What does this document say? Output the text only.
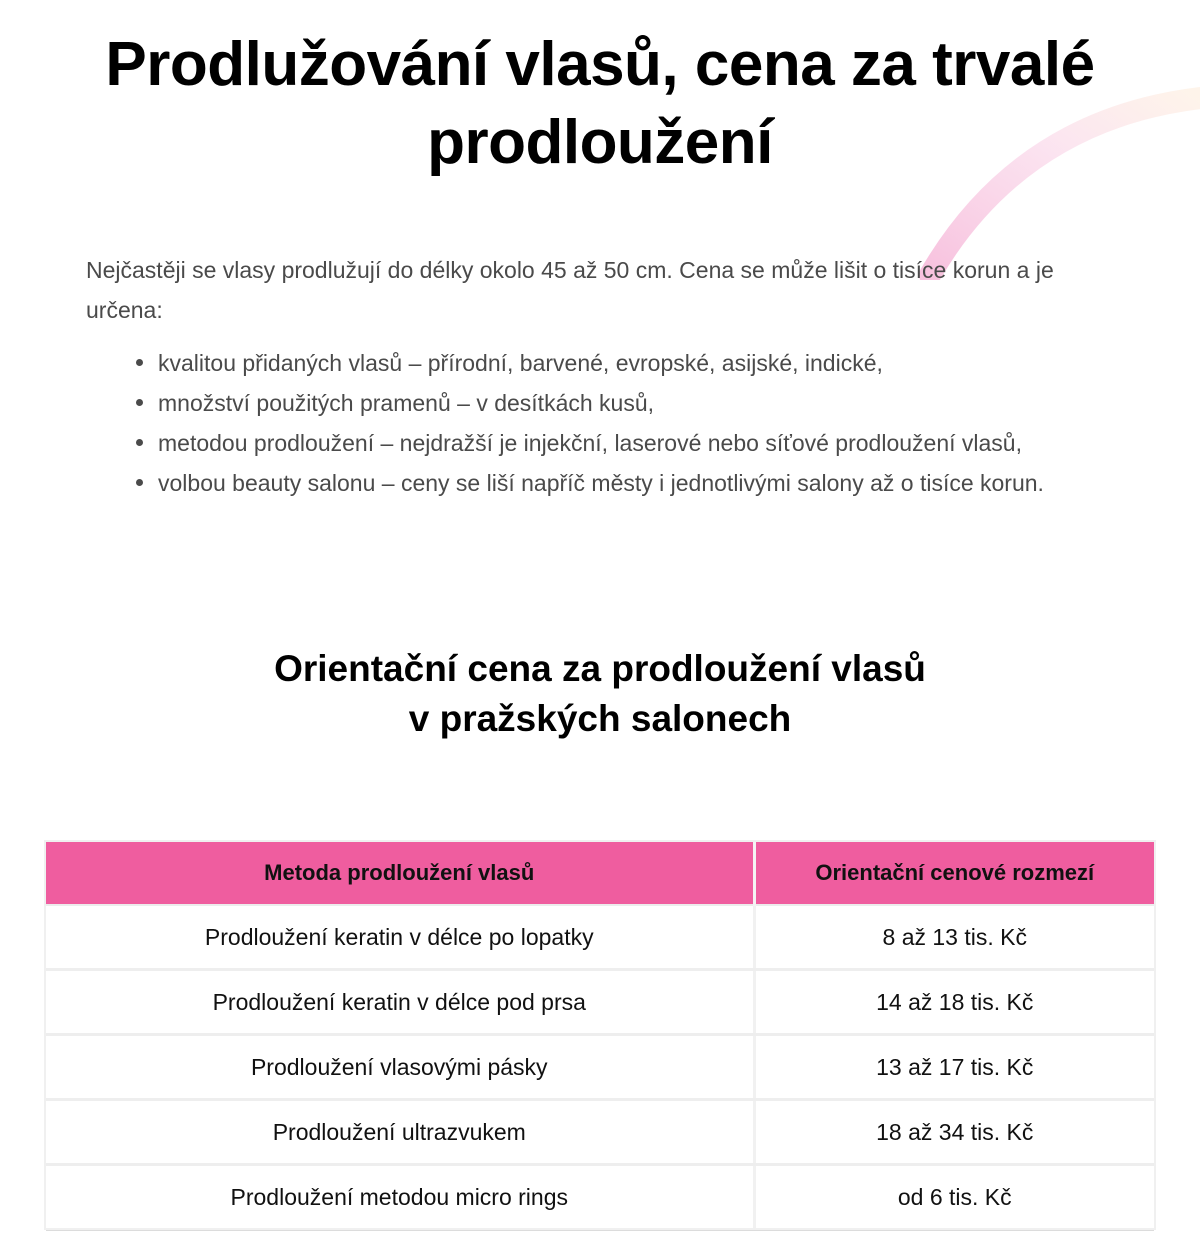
Prodlužování vlasů, cena za trvalé prodloužení

Nejčastěji se vlasy prodlužují do délky okolo 45 až 50 cm. Cena se může lišit o tisíce korun a je určena:

kvalitou přidaných vlasů – přírodní, barvené, evropské, asijské, indické,
množství použitých pramenů – v desítkách kusů,
metodou prodloužení – nejdražší je injekční, laserové nebo síťové prodloužení vlasů,
volbou beauty salonu – ceny se liší napříč městy i jednotlivými salony až o tisíce korun.
Orientační cena za prodloužení vlasů
v pražských salonech
Metoda prodloužení vlasů	Orientační cenové rozmezí
Prodloužení keratin v délce po lopatky	8 až 13 tis. Kč
Prodloužení keratin v délce pod prsa	14 až 18 tis. Kč
Prodloužení vlasovými pásky	13 až 17 tis. Kč
Prodloužení ultrazvukem	18 až 34 tis. Kč
Prodloužení metodou micro rings	od 6 tis. Kč
